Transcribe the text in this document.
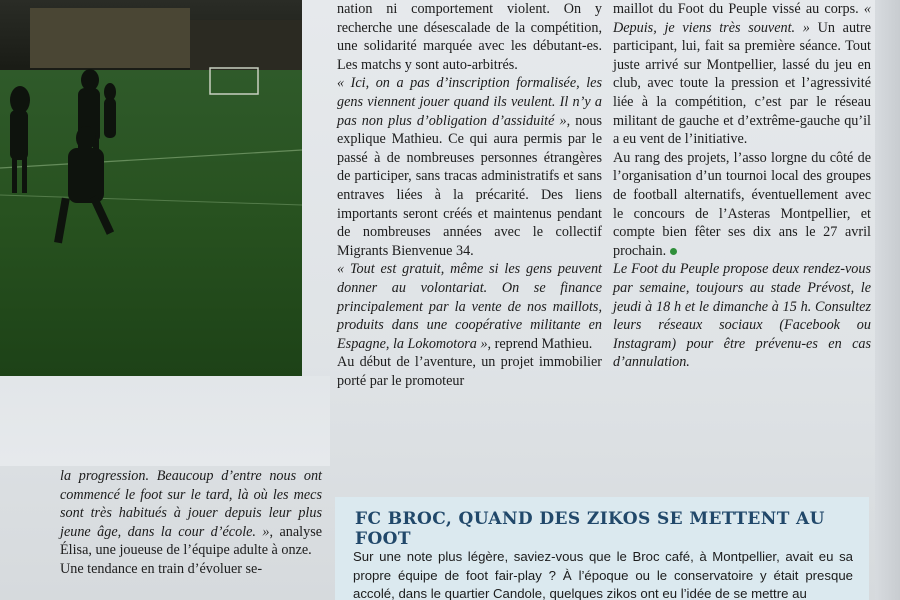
nation ni comportement violent. On y recherche une désescalade de la compétition, une solidarité marquée avec les débutant-es. Les matchs y sont auto-arbitrés.

« Ici, on a pas d’inscription formalisée, les gens viennent jouer quand ils veulent. Il n’y a pas non plus d’obligation d’assiduité », nous explique Mathieu. Ce qui aura permis par le passé à de nombreuses personnes étrangères de participer, sans tracas administratifs et sans entraves liées à la précarité. Des liens importants seront créés et maintenus pendant de nombreuses années avec le collectif Migrants Bienvenue 34.

« Tout est gratuit, même si les gens peuvent donner au volontariat. On se finance principalement par la vente de nos maillots, produits dans une coopérative militante en Espagne, la Lokomotora », reprend Mathieu.

Au début de l’aventure, un projet immobilier porté par le promoteur

maillot du Foot du Peuple vissé au corps. « Depuis, je viens très souvent. » Un autre participant, lui, fait sa première séance. Tout juste arrivé sur Montpellier, lassé du jeu en club, avec toute la pression et l’agressivité liée à la compétition, c’est par le réseau militant de gauche et d’extrême-gauche qu’il a eu vent de l’initiative.

Au rang des projets, l’asso lorgne du côté de l’organisation d’un tournoi local des groupes de football alternatifs, éventuellement avec le concours de l’Asteras Montpellier, et compte bien fêter ses dix ans le 27 avril prochain.

Le Foot du Peuple propose deux rendez-vous par semaine, toujours au stade Prévost, le jeudi à 18 h et le dimanche à 15 h. Consultez leurs réseaux sociaux (Facebook ou Instagram) pour être prévenu-es en cas d’annulation.

la progression. Beaucoup d’entre nous ont commencé le foot sur le tard, là où les mecs sont très habitués à jouer depuis leur plus jeune âge, dans la cour d’école. », analyse Élisa, une joueuse de l’équipe adulte à onze.

Une tendance en train d’évoluer se-

FC BROC, QUAND DES ZIKOS SE METTENT AU FOOT
Sur une note plus légère, saviez-vous que le Broc café, à Montpellier, avait eu sa propre équipe de foot fair-play ? À l’époque ou le conservatoire y était presque accolé, dans le quartier Candole, quelques zikos ont eu l’idée de se mettre au
